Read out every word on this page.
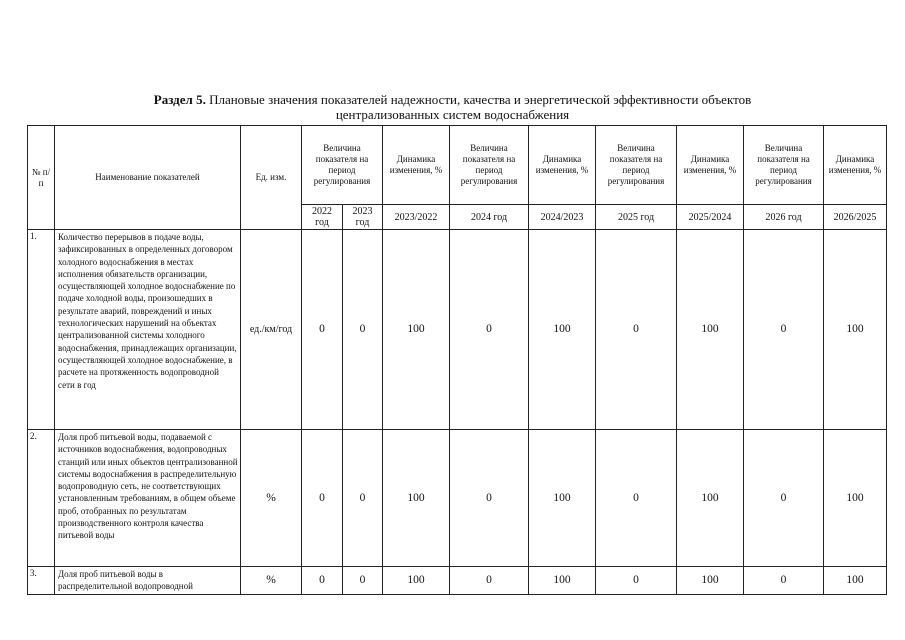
Раздел 5. Плановые значения показателей надежности, качества и энергетической эффективности объектов
централизованных систем водоснабжения
№ п/п	Наименование показателей	Ед. изм.	Величина показателя на период регулирования		Динамика изменения, %	Величина показателя на период регулирования	Динамика изменения, %	Величина показателя на период регулирования	Динамика изменения, %	Величина показателя на период регулирования	Динамика изменения, %
			2022 год	2023 год	2023/2022	2024 год	2024/2023	2025 год	2025/2024	2026 год	2026/2025
1.	Количество перерывов в подаче воды, зафиксированных в определенных договором холодного водоснабжения в местах исполнения обязательств организации, осуществляющей холодное водоснабжение по подаче холодной воды, произошедших в результате аварий, повреждений и иных технологических нарушений на объектах централизованной системы холодного водоснабжения, принадлежащих организации, осуществляющей холодное водоснабжение, в расчете на протяженность водопроводной сети в год	ед./км/год	0	0	100	0	100	0	100	0	100
2.	Доля проб питьевой воды, подаваемой с источников водоснабжения, водопроводных станций или иных объектов централизованной системы водоснабжения в распределительную водопроводную сеть, не соответствующих установленным требованиям, в общем объеме проб, отобранных по результатам производственного контроля качества питьевой воды	%	0	0	100	0	100	0	100	0	100
3.	Доля проб питьевой воды в распределительной водопроводной	%	0	0	100	0	100	0	100	0	100
